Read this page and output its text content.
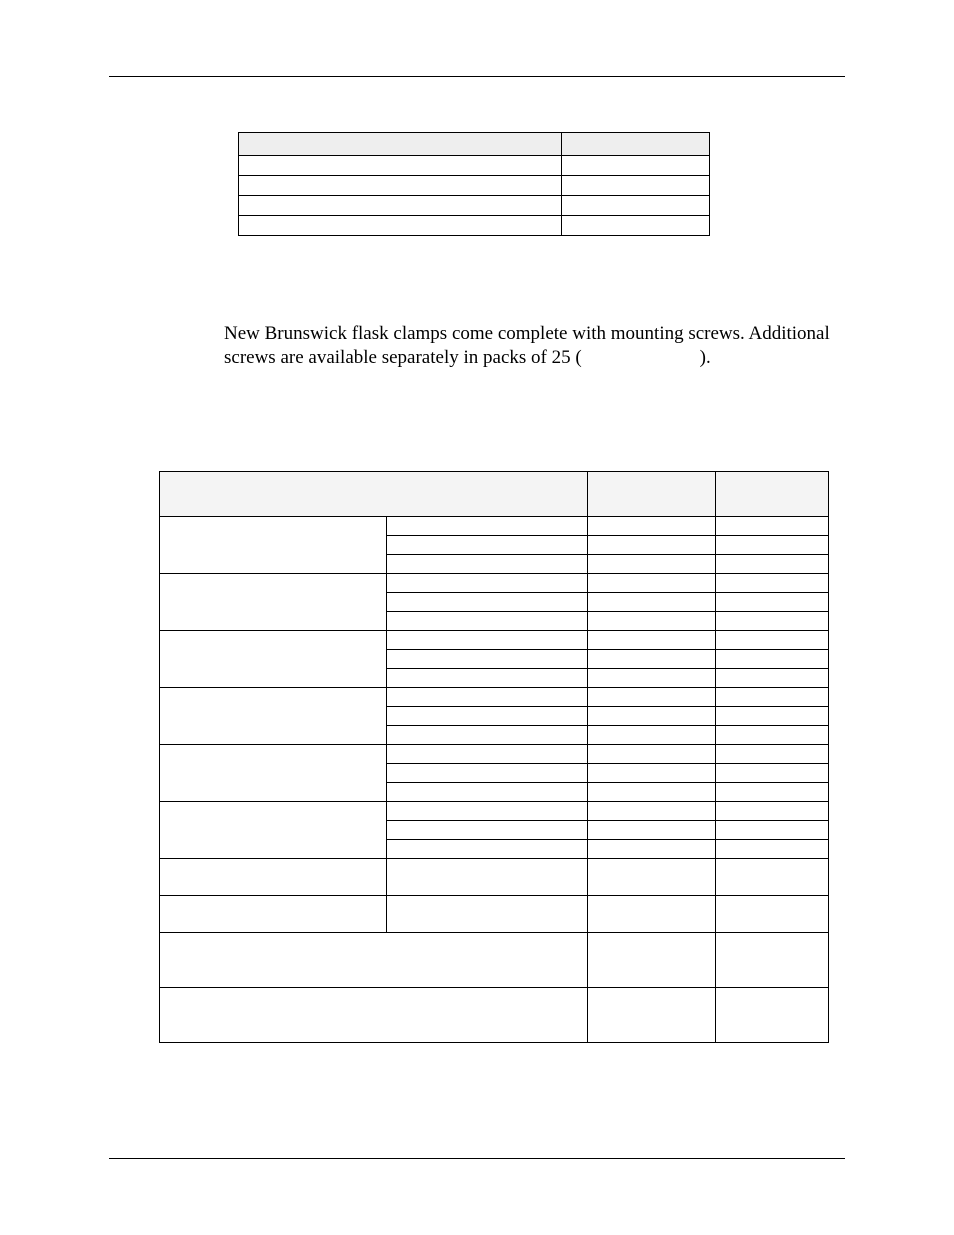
New Brunswick flask clamps come complete with mounting screws. Additional
screws are available separately in packs of 25 (	).
